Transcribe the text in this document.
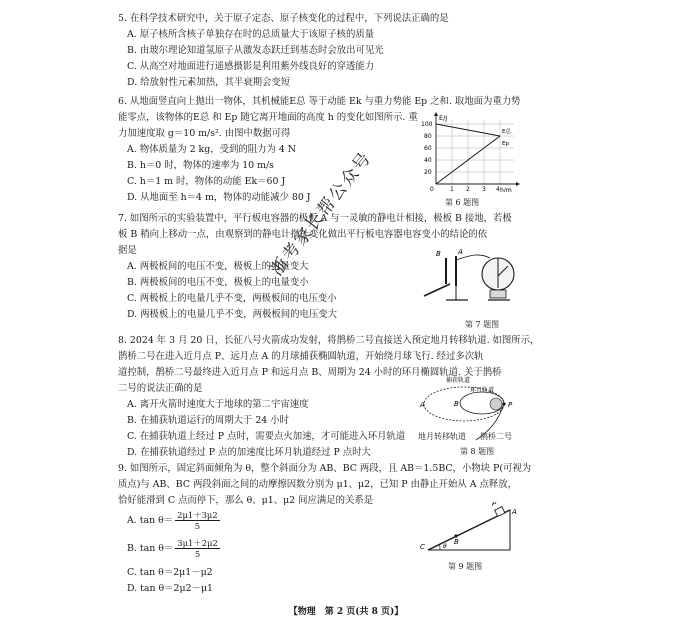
5. 在科学技术研究中，关于原子定态、原子核变化的过程中，下列说法正确的是
A. 原子核所含核子单独存在时的总质量大于该原子核的质量
B. 由玻尔理论知道氢原子从激发态跃迁到基态时会放出可见光
C. 从高空对地面进行遥感摄影是利用紫外线良好的穿透能力
D. 给放射性元素加热，其半衰期会变短
6. 从地面竖直向上抛出一物体，其机械能E总 等于动能 Ek 与重力势能 Ep 之和. 取地面为重力势
能零点，该物体的E总 和 Ep 随它离开地面的高度 h 的变化如图所示. 重
力加速度取 g＝10 m/s². 由图中数据可得
A. 物体质量为 2 kg，受到的阻力为 4 N
B. h＝0 时，物体的速率为 10 m/s
C. h＝1 m 时，物体的动能 Ek＝60 J
D. 从地面至 h＝4 m，物体的动能减少 80 J
E/J
h/m
0
20
40
60
80
100
1 2 3 4
E总
Ep
第 6 题图
7. 如图所示的实验装置中，平行板电容器的极板 A 与一灵敏的静电计相接，极板 B 接地，若极
板 B 稍向上移动一点，由观察到的静电计指针变化做出平行板电容器电容变小的结论的依
据是
A. 两极板间的电压不变，极板上的电量变大
B. 两极板间的电压不变，极板上的电量变小
C. 两极板上的电量几乎不变，两极板间的电压变小
D. 两极板上的电量几乎不变，两极板间的电压变大
A
B
第 7 题图
8. 2024 年 3 月 20 日，长征八号火箭成功发射，将鹊桥二号直接送入预定地月转移轨道. 如图所示，
鹊桥二号在进入近月点 P、远月点 A 的月球捕获椭圆轨道，开始绕月球飞行. 经过多次轨
道控制，鹊桥二号最终进入近月点 P 和远月点 B、周期为 24 小时的环月椭圆轨道. 关于鹊桥
二号的说法正确的是
A. 离开火箭时速度大于地球的第二宇宙速度
B. 在捕获轨道运行的周期大于 24 小时
C. 在捕获轨道上经过 P 点时，需要点火加速，才可能进入环月轨道
D. 在捕获轨道经过 P 点的加速度比环月轨道经过 P 点时大
捕获轨道
环月轨道
A	B	P
地月转移轨道 鹊桥二号
第 8 题图
9. 如图所示，固定斜面倾角为 θ，整个斜面分为 AB、BC 两段，且 AB＝1.5BC，小物块 P(可视为
质点)与 AB、BC 两段斜面之间的动摩擦因数分别为 μ1、μ2，已知 P 由静止开始从 A 点释放，
恰好能滑到 C 点而停下，那么 θ、μ1、μ2 间应满足的关系是
A. $\tan \theta= \frac{2\mu 1+3\mu 2}{5}$
B. $\tan \theta= \frac{3\mu 1+2\mu 2}{5}$
C. tan θ＝2μ1－μ2
D. tan θ＝2μ2－μ1
C
B
A
P
θ
第 9 题图
浙考家长帮公众号
【物理　第 2 页(共 8 页)】
